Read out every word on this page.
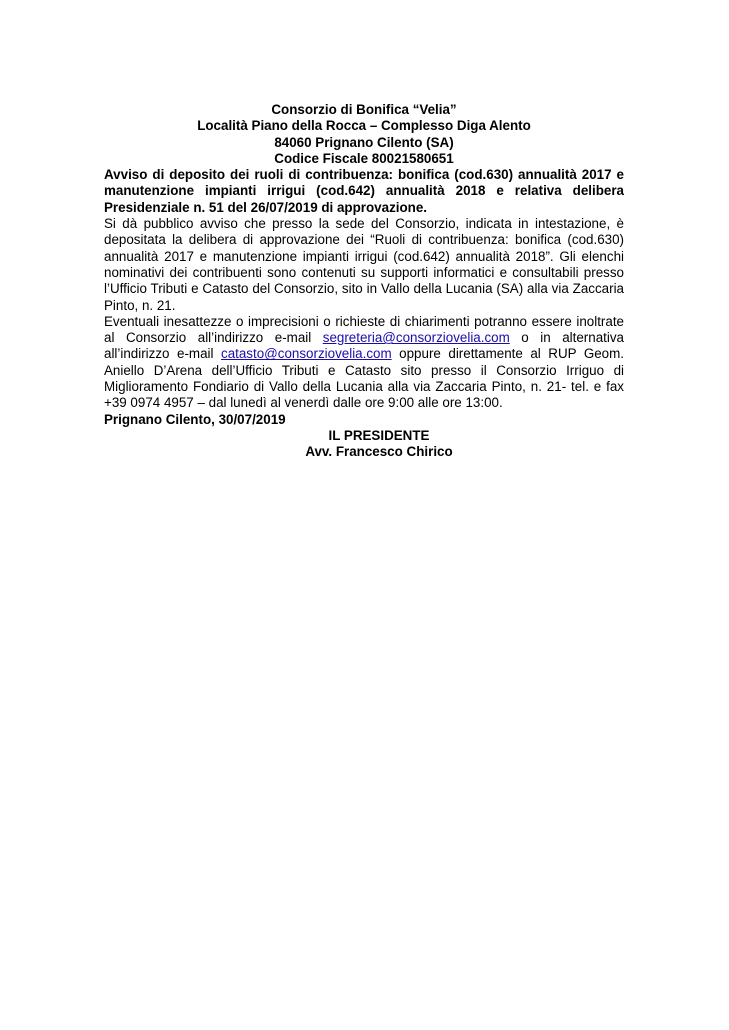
Consorzio di Bonifica “Velia”
Località Piano della Rocca – Complesso Diga Alento
84060 Prignano Cilento (SA)
Codice Fiscale 80021580651
Avviso di deposito dei ruoli di contribuenza: bonifica (cod.630) annualità 2017 e manutenzione impianti irrigui (cod.642) annualità 2018 e relativa delibera Presidenziale n. 51 del 26/07/2019 di approvazione.
Si dà pubblico avviso che presso la sede del Consorzio, indicata in intestazione, è depositata la delibera di approvazione dei “Ruoli di contribuenza: bonifica (cod.630) annualità 2017 e manutenzione impianti irrigui (cod.642) annualità 2018”. Gli elenchi nominativi dei contribuenti sono contenuti su supporti informatici e consultabili presso l’Ufficio Tributi e Catasto del Consorzio, sito in Vallo della Lucania (SA) alla via Zaccaria Pinto, n. 21.
Eventuali inesattezze o imprecisioni o richieste di chiarimenti potranno essere inoltrate al Consorzio all’indirizzo e-mail segreteria@consorziovelia.com o in alternativa all’indirizzo e-mail catasto@consorziovelia.com oppure direttamente al RUP Geom. Aniello D’Arena dell’Ufficio Tributi e Catasto sito presso il Consorzio Irriguo di Miglioramento Fondiario di Vallo della Lucania alla via Zaccaria Pinto, n. 21- tel. e fax +39 0974 4957 – dal lunedì al venerdì dalle ore 9:00 alle ore 13:00.
Prignano Cilento, 30/07/2019
IL PRESIDENTE
Avv. Francesco Chirico
